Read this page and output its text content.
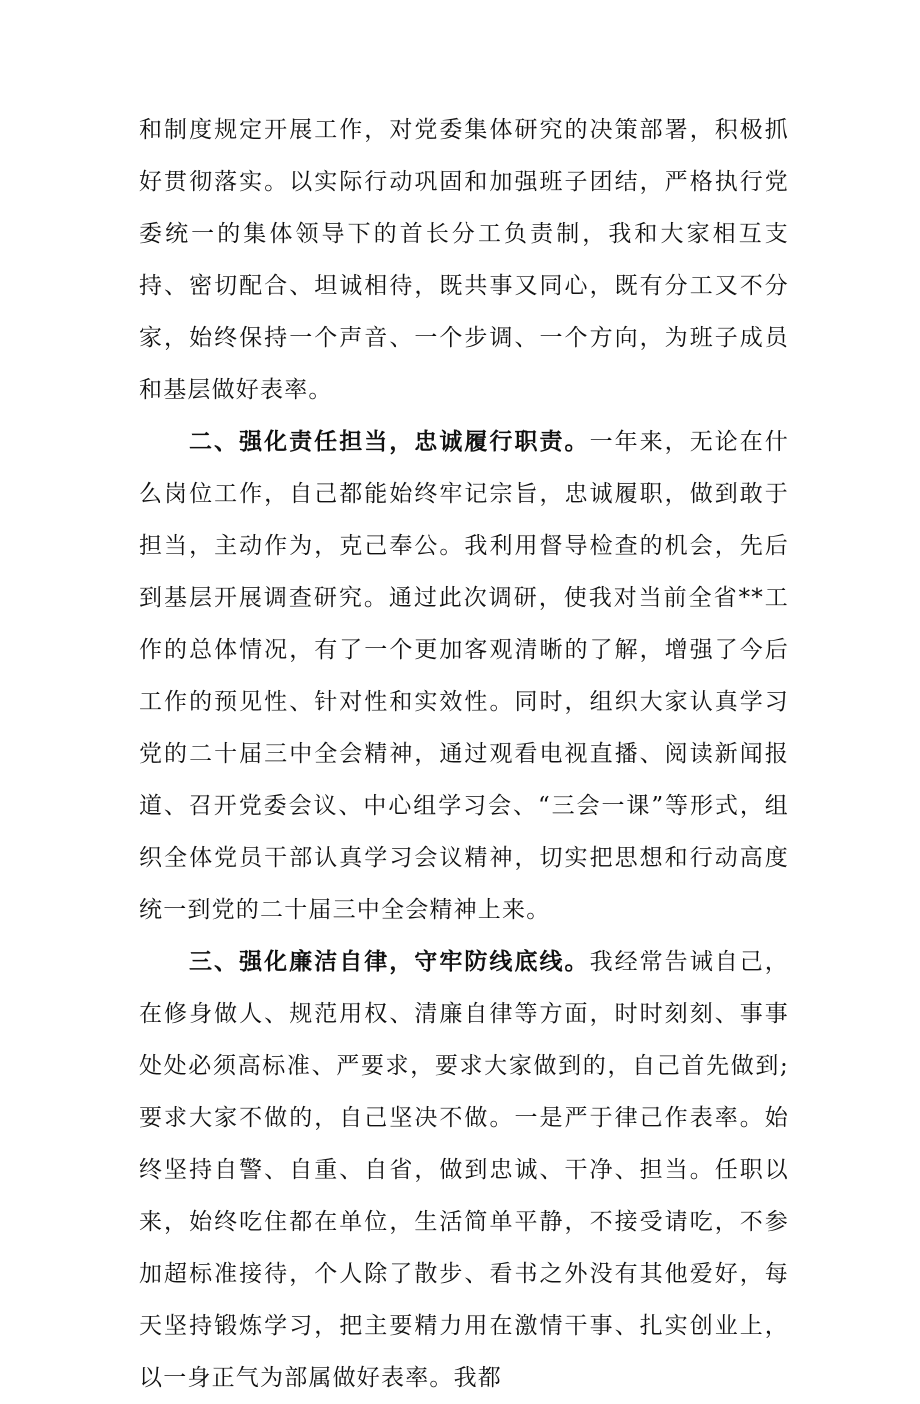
和制度规定开展工作，对党委集体研究的决策部署，积极抓好贯彻落实。以实际行动巩固和加强班子团结，严格执行党委统一的集体领导下的首长分工负责制，我和大家相互支持、密切配合、坦诚相待，既共事又同心，既有分工又不分家，始终保持一个声音、一个步调、一个方向，为班子成员和基层做好表率。

二、强化责任担当，忠诚履行职责。一年来，无论在什么岗位工作，自己都能始终牢记宗旨，忠诚履职，做到敢于担当，主动作为，克己奉公。我利用督导检查的机会，先后到基层开展调查研究。通过此次调研，使我对当前全省**工作的总体情况，有了一个更加客观清晰的了解，增强了今后工作的预见性、针对性和实效性。同时，组织大家认真学习党的二十届三中全会精神，通过观看电视直播、阅读新闻报道、召开党委会议、中心组学习会、“三会一课”等形式，组织全体党员干部认真学习会议精神，切实把思想和行动高度统一到党的二十届三中全会精神上来。

三、强化廉洁自律，守牢防线底线。我经常告诫自己，在修身做人、规范用权、清廉自律等方面，时时刻刻、事事处处必须高标准、严要求，要求大家做到的，自己首先做到;要求大家不做的，自己坚决不做。一是严于律己作表率。始终坚持自警、自重、自省，做到忠诚、干净、担当。任职以来，始终吃住都在单位，生活简单平静，不接受请吃，不参加超标准接待，个人除了散步、看书之外没有其他爱好，每天坚持锻炼学习，把主要精力用在激情干事、扎实创业上，以一身正气为部属做好表率。我都
